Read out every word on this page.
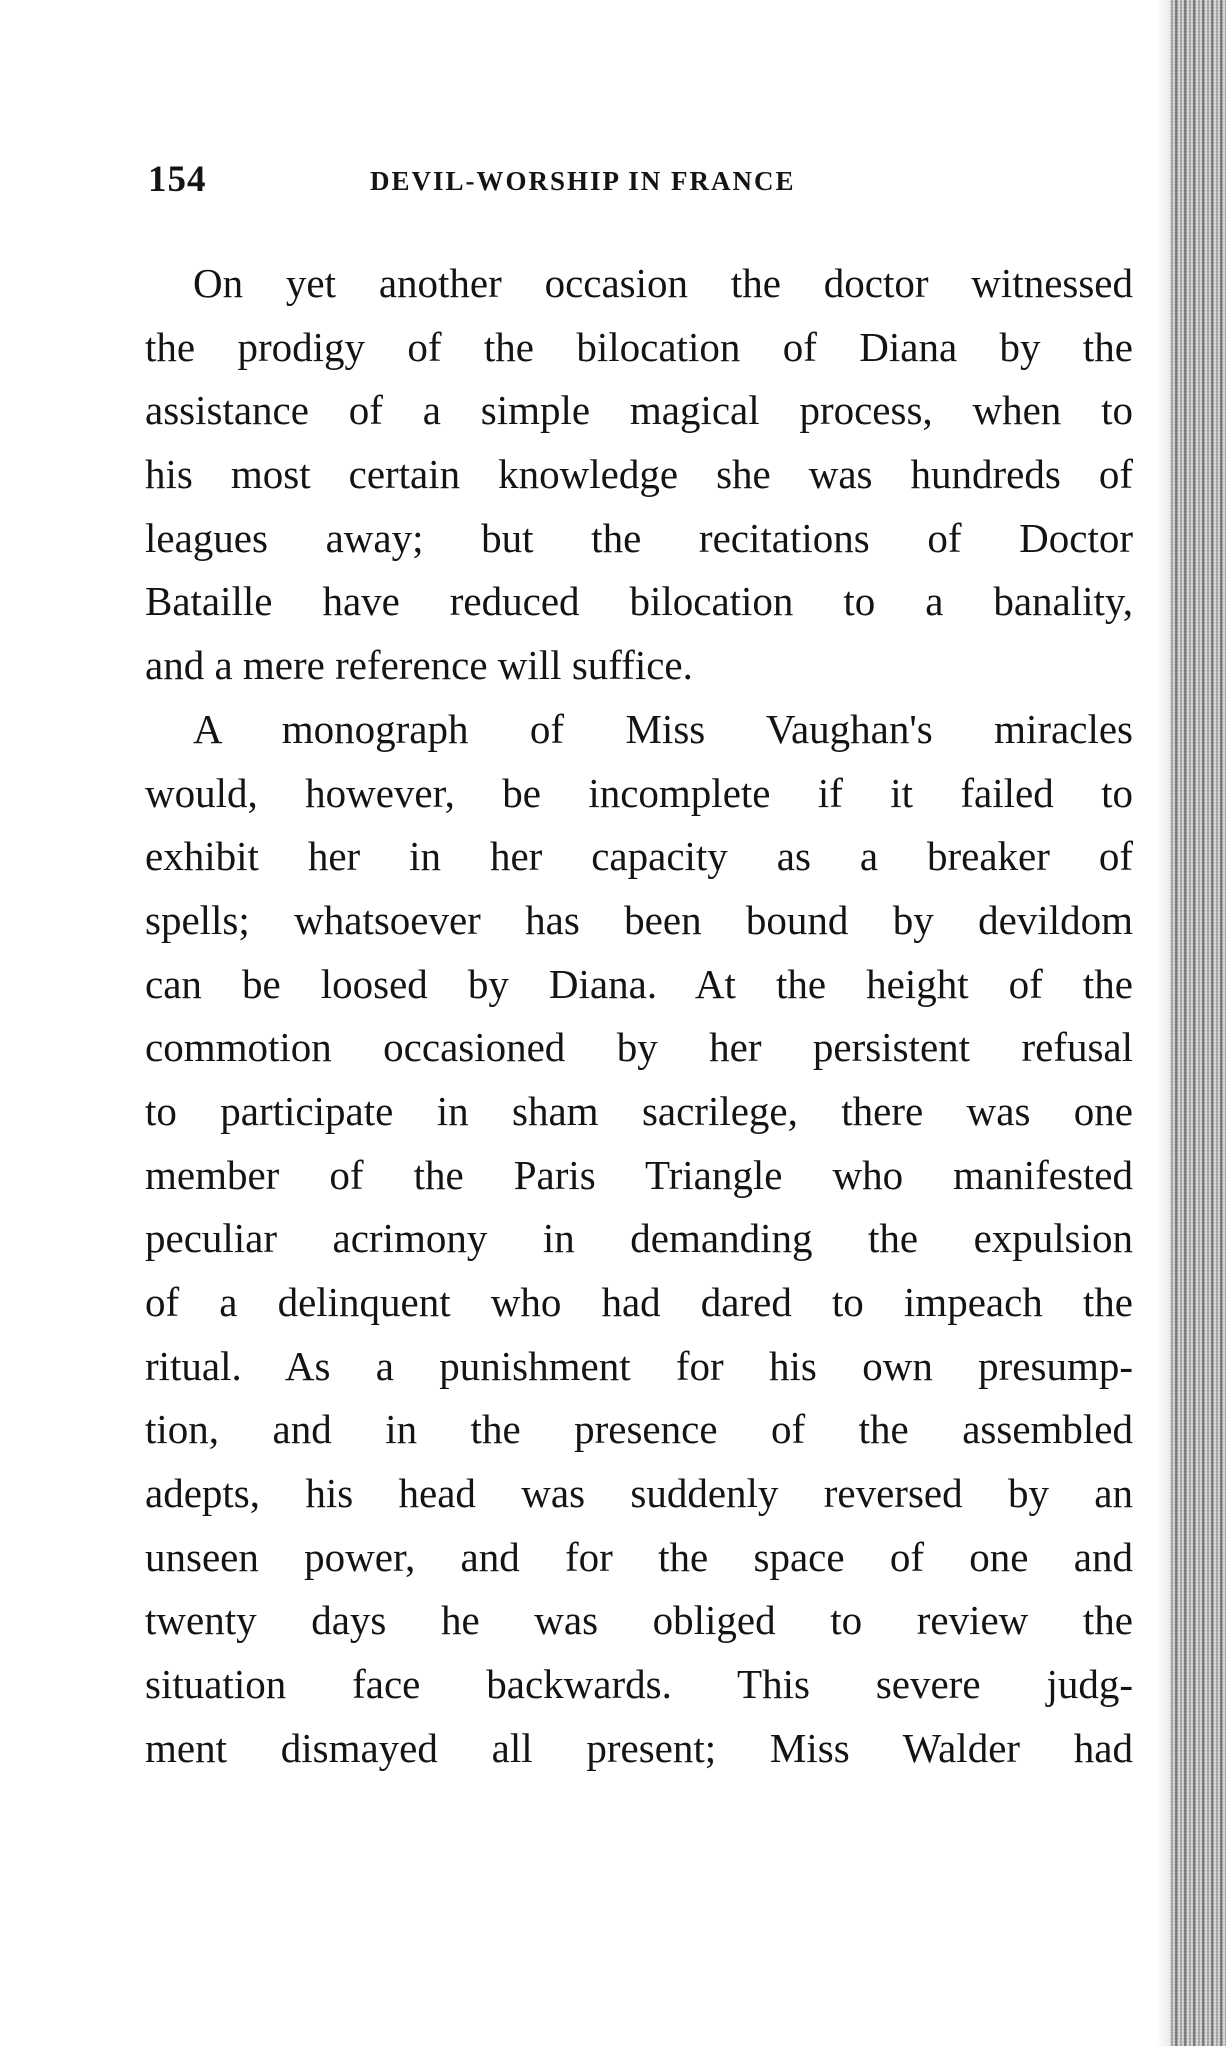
154	DEVIL-WORSHIP IN FRANCE
On yet another occasion the doctor witnessed
the prodigy of the bilocation of Diana by the
assistance of a simple magical process, when to
his most certain knowledge she was hundreds of
leagues away; but the recitations of Doctor
Bataille have reduced bilocation to a banality,
and a mere reference will suffice.
A monograph of Miss Vaughan's miracles
would, however, be incomplete if it failed to
exhibit her in her capacity as a breaker of
spells; whatsoever has been bound by devildom
can be loosed by Diana. At the height of the
commotion occasioned by her persistent refusal
to participate in sham sacrilege, there was one
member of the Paris Triangle who manifested
peculiar acrimony in demanding the expulsion
of a delinquent who had dared to impeach the
ritual. As a punishment for his own presump-
tion, and in the presence of the assembled
adepts, his head was suddenly reversed by an
unseen power, and for the space of one and
twenty days he was obliged to review the
situation face backwards. This severe judg-
ment dismayed all present; Miss Walder had
